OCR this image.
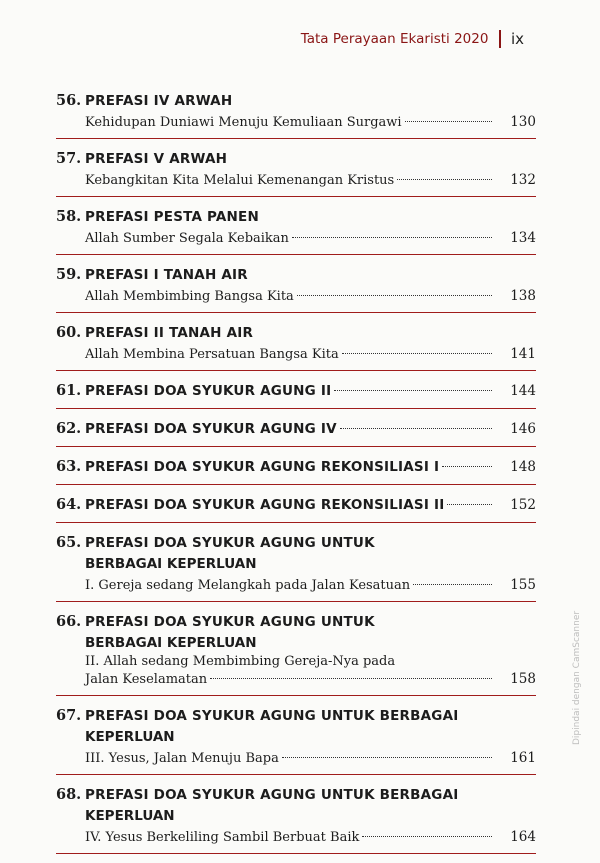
Tata Perayaan Ekaristi 2020 ix
56. PREFASI IV ARWAH
Kehidupan Duniawi Menuju Kemuliaan Surgawi	130
57. PREFASI V ARWAH
Kebangkitan Kita Melalui Kemenangan Kristus	132
58. PREFASI PESTA PANEN
Allah Sumber Segala Kebaikan	134
59. PREFASI I TANAH AIR
Allah Membimbing Bangsa Kita	138
60. PREFASI II TANAH AIR
Allah Membina Persatuan Bangsa Kita	141
61. PREFASI DOA SYUKUR AGUNG II	144
62. PREFASI DOA SYUKUR AGUNG IV	146
63. PREFASI DOA SYUKUR AGUNG REKONSILIASI I	148
64. PREFASI DOA SYUKUR AGUNG REKONSILIASI II	152
65. PREFASI DOA SYUKUR AGUNG UNTUK
BERBAGAI KEPERLUAN
I. Gereja sedang Melangkah pada Jalan Kesatuan	155
66. PREFASI DOA SYUKUR AGUNG UNTUK
BERBAGAI KEPERLUAN
II. Allah sedang Membimbing Gereja-Nya pada
Jalan Keselamatan	158
67. PREFASI DOA SYUKUR AGUNG UNTUK BERBAGAI
KEPERLUAN
III. Yesus, Jalan Menuju Bapa	161
68. PREFASI DOA SYUKUR AGUNG UNTUK BERBAGAI
KEPERLUAN
IV. Yesus Berkeliling Sambil Berbuat Baik	164
Dipindai dengan CamScanner
